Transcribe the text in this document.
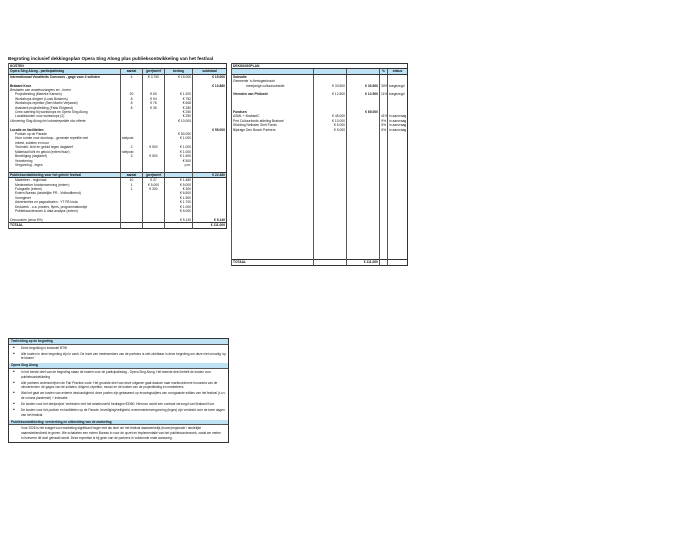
Begroting inclusief dekkingsplan Opera Sing Along plus publieksontwikkeling van het festival
KOSTEN				
Opera Sing Along - participatiedag	aantal	(per)tarief	bedrag	subtotaal
Internationaal Vocaliteits Concours - gage voor 4 solisten	4	€ 3.750	€ 15.000	€ 15.000

Brabant Koor				€ 13.860
Bestaden van amateurzangers en - koren				
Projectleiding (Marieke Kansen)	20	€ 60	€ 1.200	
Workshops dirigent (Louis Buskens)	8	€ 94	€ 752	
Workshops repetitor (Bert Martin Verjaand)	8	€ 76	€ 608	
Assistent projectleiding (Fabu Ekigeest)	8	€ 35	€ 280	
Crew catering bij workshops en Opera Sing Along			€ 250	
Locatiekosten voor workshops (2)			€ 250	
Uitvoering Sing Along incl orkestrepetitie obv offerte			€ 10.000	

Locatie en faciliteiten				€ 55.000
Podium op de Parade			€ 50.000	
Huur ruimte voor doorloop - generale repetitie met	stelpost		€ 1.000	
orkest, solisten en koor				
Techniek: licht en geluid tegen dagtarief	2	€ 500	€ 1.000	
Materiaal licht en geluid (extern/huur)	stelpost		€ 1.000	
Beveiliging (dagtarief)	3	€ 500	€ 1.500	
Verzekering			€ 500	
Vergunning - leges			p.m.	

Publieksontwikkeling voor het gehele festival	aantal	(per)tarief		€ 22.480
Marketeer - regionaal	40	€ 37	€ 1.480	
Medewerker fondsenwerving (extern)	1	€ 5.000	€ 5.000	
Fotografie (extern)	1	€ 300	€ 300	
Extern Bureau (landelijke PR - Vrdbsdfbrevd)			€ 6.500	
Vormgever			€ 1.500	
Advertenties en pagnaticalen : YT FB Insta			€ 1.700	
Drukwerk - o.a. posters, flyers, programmaboekje			€ 1.000	
Publieksonderzoek & data analyse (extern)			€ 5.000	

Onvoorzien (circa 5%)			€ 5.140	€ 5.140
TOTAAL				€ 111.000
DEKKINGSPLAN				
			%	status
Subsidie				
Gemeente 's-Hertogenbosch				
meerjarige cultuursubsidie	€ 33.500	€ 33.500	30%	toegezegd

Vrienden van Philoxéé	€ 12.500	€ 12.500	11%	toegezegd

Fondsen		€ 65.000		
ASML + BrabantC	€ 45.000		41%	in aanvraag
Prnt Cultuurfonds afdeling Brabant	€ 10.000		9%	in aanvraag
Stichting Nelissen Smit Fonds	€ 5.000		5%	in aanvraag
Bijdrage Den Bosch Partners	€ 5.000		5%	in aanvraag

TOTAAL		€ 111.000		
Toelichting op de begroting
■ Deze begroting is exclusief BTW
■ Alle kosten in deze begroting zijn in cash. De inzet van medewerkers van de partners is niet zichtbaar in deze begroting om deze niet onnodig 'op te blazen'
Opera Sing Along
■ In het eerste deel van de begroting staan de kosten voor de participatiedag - Opera Sing Along. Het tweede deel betreft de kosten voor publieksontwikkeling
■ Alle partners onderschrijven de Fair Practice code. Het grootste deel van deze uitgaven gaat daarom naar marktconforme honoraria van de uitvoerenden: de gages van de solisten, dirigent, repetitor, musici en de kosten van de projectleiding en marketeers.
■ Wat het gaat om kosten van externe deskundigheid: deze posten zijn gebaseerd op ervaringscijfers van voorgaande edities van het festival (t.o.v. de corona pandemie) + indexatie
■ De kosten voor het deelproject 'verbinden met het amateurveld' bedragen €3360. Hiervoor wordt een contract verzorgd van Brabant Koor
■ De kosten voor het podium en faciliteiten op de Parade, beveiliging/veiligheid, evenementenvergunning (leges) zijn verdeeld over de twee dagen van het festival.
Publieksontwikkeling: versterking en uitbreiding van de marketing

Voor 2026 is het budget voor marketing significant hoger met als doel om het festival daadwerkelijk (boven)regionale / landelijke naamsbekendheid te geven. We schakelen een extern Bureau in voor de opzet en implementatie van het publieksonderzoek, zodat we meten in hoeverre dit doel gehaald wordt. Deze expertise is bij geen van de partners in voldoende mate aanwezig.
